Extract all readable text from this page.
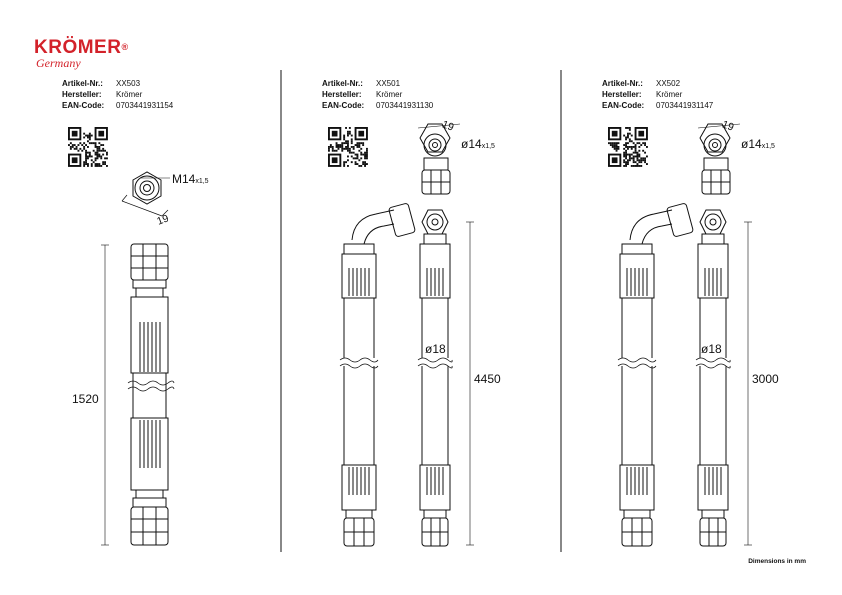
KRÖMER®
Germany
Artikel-Nr.:	XX503
Hersteller:	Krömer
EAN-Code:	0703441931154
Artikel-Nr.:	XX501
Hersteller:	Krömer
EAN-Code:	0703441931130
Artikel-Nr.:	XX502
Hersteller:	Krömer
EAN-Code:	0703441931147
M14x1,5
19
1520
19
ø14x1,5
ø18
4450
19
ø14x1,5
ø18
3000
Dimensions in mm
